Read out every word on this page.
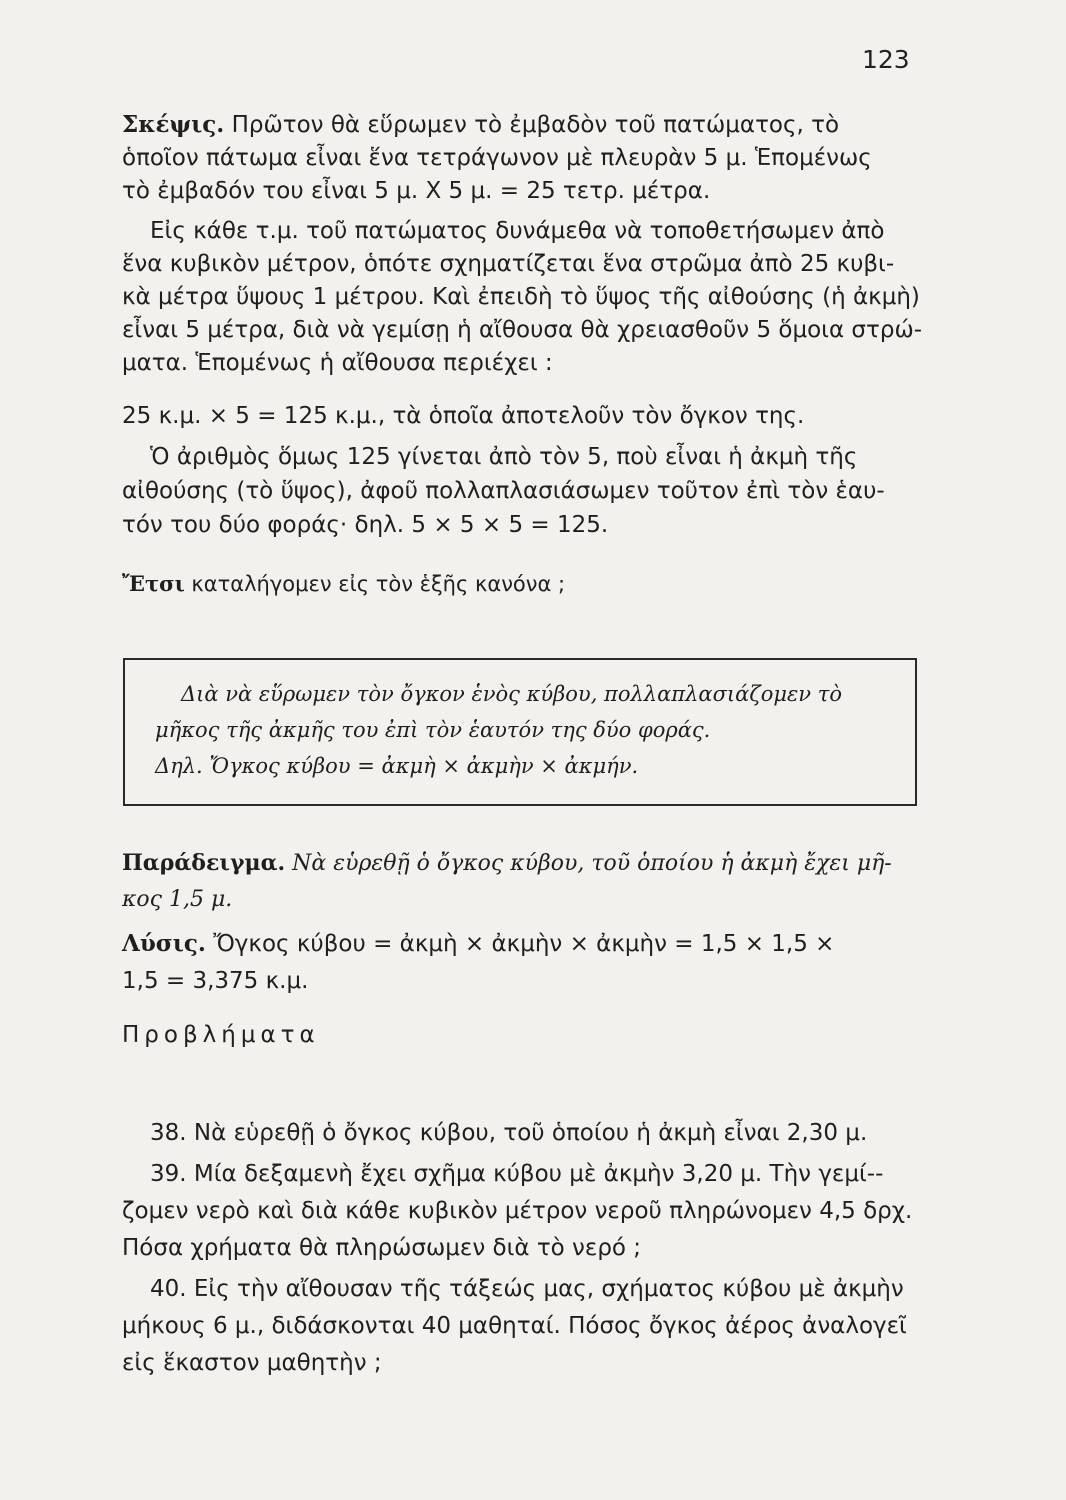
123
Σκέψις. Πρῶτον θὰ εὕρωμεν τὸ ἐμβαδὸν τοῦ πατώματος, τὸ
ὁποῖον πάτωμα εἶναι ἕνα τετράγωνον μὲ πλευρὰν 5 μ. Ἑπομένως
τὸ ἐμβαδόν του εἶναι 5 μ. X 5 μ. = 25 τετρ. μέτρα.
Εἰς κάθε τ.μ. τοῦ πατώματος δυνάμεθα νὰ τοποθετήσωμεν ἀπὸ
ἕνα κυβικὸν μέτρον, ὁπότε σχηματίζεται ἕνα στρῶμα ἀπὸ 25 κυβι-
κὰ μέτρα ὕψους 1 μέτρου. Καὶ ἐπειδὴ τὸ ὕψος τῆς αἰθούσης (ἡ ἀκμὴ)
εἶναι 5 μέτρα, διὰ νὰ γεμίσῃ ἡ αἴθουσα θὰ χρειασθοῦν 5 ὅμοια στρώ-
ματα. Ἑπομένως ἡ αἴθουσα περιέχει :
25 κ.μ. × 5 = 125 κ.μ., τὰ ὁποῖα ἀποτελοῦν τὸν ὄγκον της.
Ὁ ἀριθμὸς ὅμως 125 γίνεται ἀπὸ τὸν 5, ποὺ εἶναι ἡ ἀκμὴ τῆς
αἰθούσης (τὸ ὕψος), ἀφοῦ πολλαπλασιάσωμεν τοῦτον ἐπὶ τὸν ἑαυ-
τόν του δύο φοράς· δηλ. 5 × 5 × 5 = 125.
Ἔτσι καταλήγομεν εἰς τὸν ἑξῆς κανόνα ;
Διὰ νὰ εὕρωμεν τὸν ὄγκον ἑνὸς κύβου, πολλαπλασιάζομεν τὸ
μῆκος τῆς ἀκμῆς του ἐπὶ τὸν ἑαυτόν της δύο φοράς.
Δηλ. Ὄγκος κύβου = ἀκμὴ × ἀκμὴν × ἀκμήν.
Παράδειγμα. Νὰ εὑρεθῇ ὁ ὄγκος κύβου, τοῦ ὁποίου ἡ ἀκμὴ ἔχει μῆ-
κος 1,5 μ.
Λύσις. Ὄγκος κύβου = ἀκμὴ × ἀκμὴν × ἀκμὴν = 1,5 × 1,5 ×
1,5 = 3,375 κ.μ.
Προβλήματα
38. Νὰ εὑρεθῇ ὁ ὄγκος κύβου, τοῦ ὁποίου ἡ ἀκμὴ εἶναι 2,30 μ.
39. Μία δεξαμενὴ ἔχει σχῆμα κύβου μὲ ἀκμὴν 3,20 μ. Τὴν γεμί--
ζομεν νερὸ καὶ διὰ κάθε κυβικὸν μέτρον νεροῦ πληρώνομεν 4,5 δρχ.
Πόσα χρήματα θὰ πληρώσωμεν διὰ τὸ νερό ;
40. Εἰς τὴν αἴθουσαν τῆς τάξεώς μας, σχήματος κύβου μὲ ἀκμὴν
μήκους 6 μ., διδάσκονται 40 μαθηταί. Πόσος ὄγκος ἀέρος ἀναλογεῖ
εἰς ἕκαστον μαθητὴν ;
